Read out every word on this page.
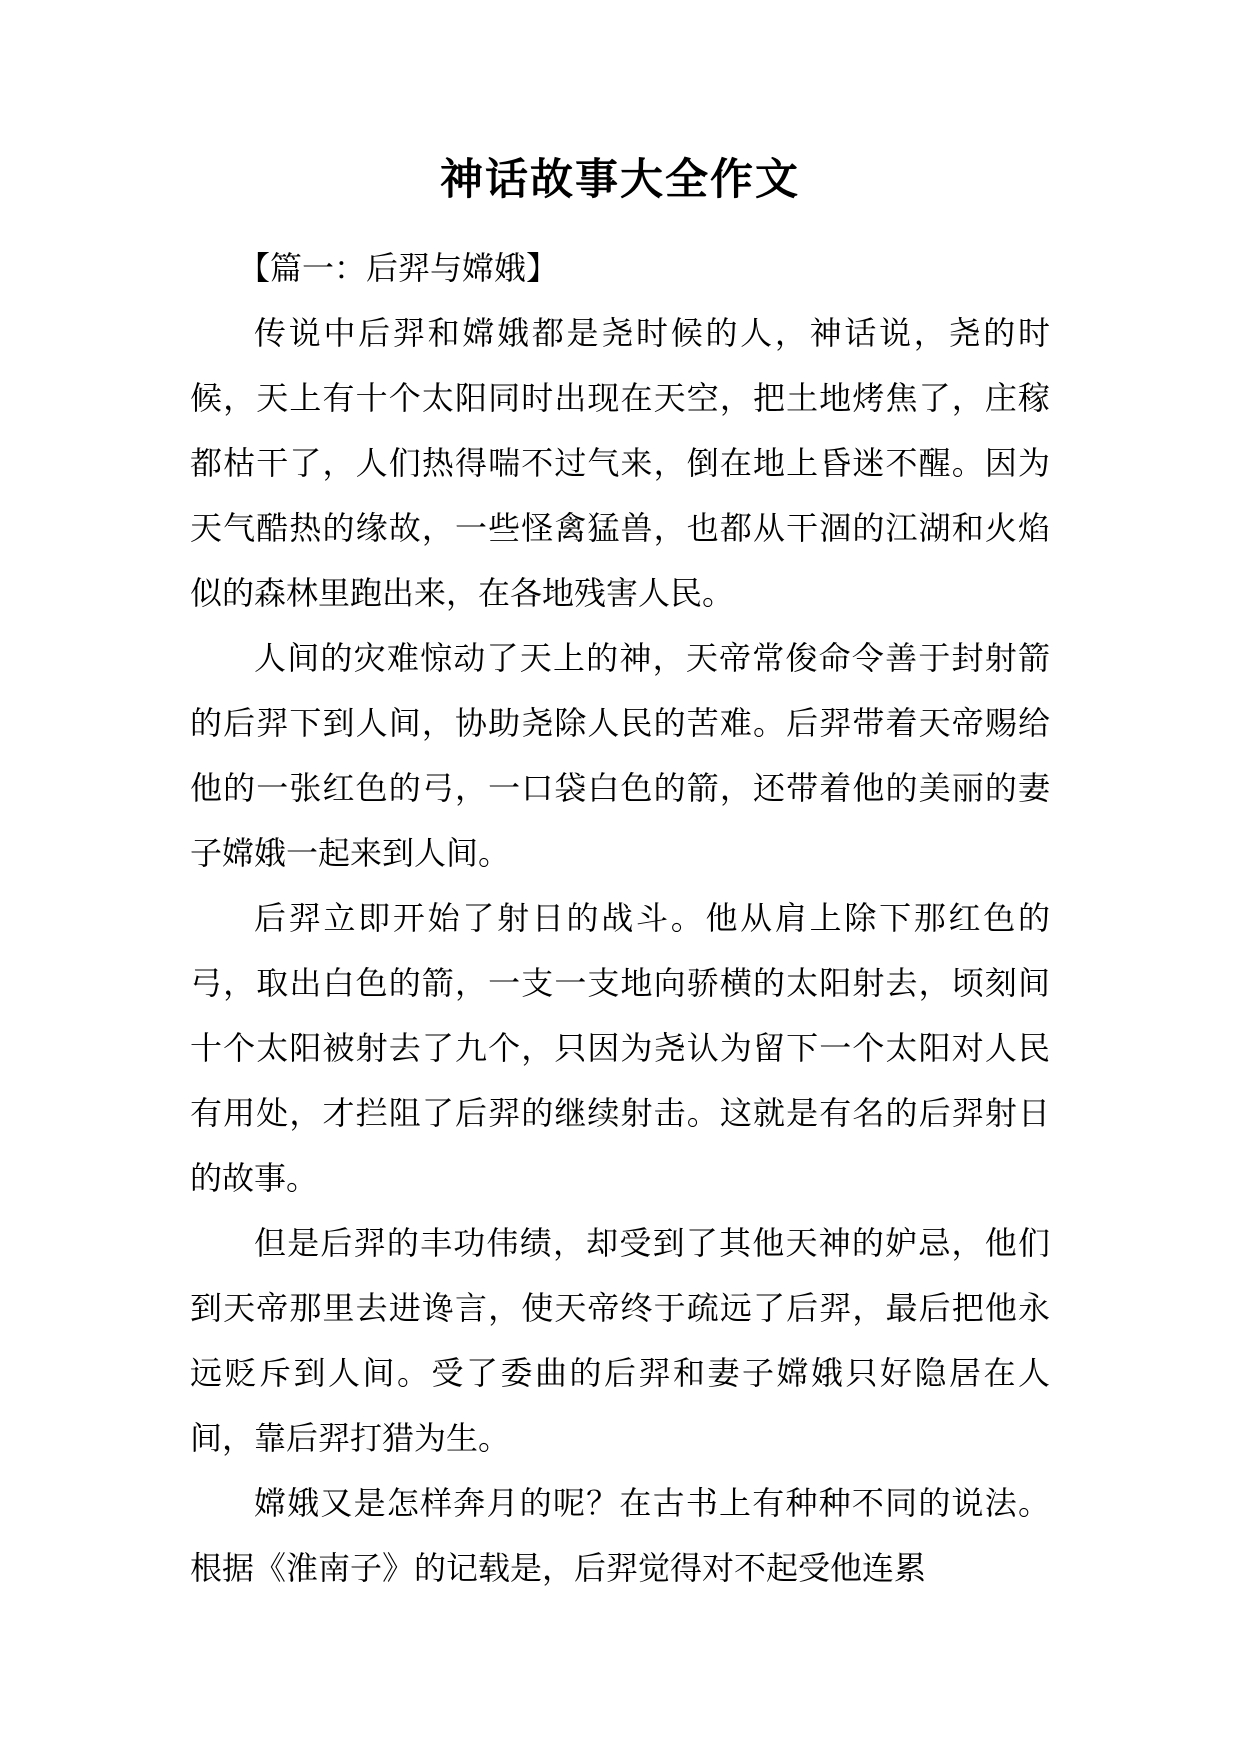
神话故事大全作文

【篇一：后羿与嫦娥】

传说中后羿和嫦娥都是尧时候的人，神话说，尧的时候，天上有十个太阳同时出现在天空，把土地烤焦了，庄稼都枯干了，人们热得喘不过气来，倒在地上昏迷不醒。因为天气酷热的缘故，一些怪禽猛兽，也都从干涸的江湖和火焰似的森林里跑出来，在各地残害人民。

人间的灾难惊动了天上的神，天帝常俊命令善于封射箭的后羿下到人间，协助尧除人民的苦难。后羿带着天帝赐给他的一张红色的弓，一口袋白色的箭，还带着他的美丽的妻子嫦娥一起来到人间。

后羿立即开始了射日的战斗。他从肩上除下那红色的弓，取出白色的箭，一支一支地向骄横的太阳射去，顷刻间十个太阳被射去了九个，只因为尧认为留下一个太阳对人民有用处，才拦阻了后羿的继续射击。这就是有名的后羿射日的故事。

但是后羿的丰功伟绩，却受到了其他天神的妒忌，他们到天帝那里去进谗言，使天帝终于疏远了后羿，最后把他永远贬斥到人间。受了委曲的后羿和妻子嫦娥只好隐居在人间，靠后羿打猎为生。

嫦娥又是怎样奔月的呢？在古书上有种种不同的说法。根据《淮南子》的记载是，后羿觉得对不起受他连累
